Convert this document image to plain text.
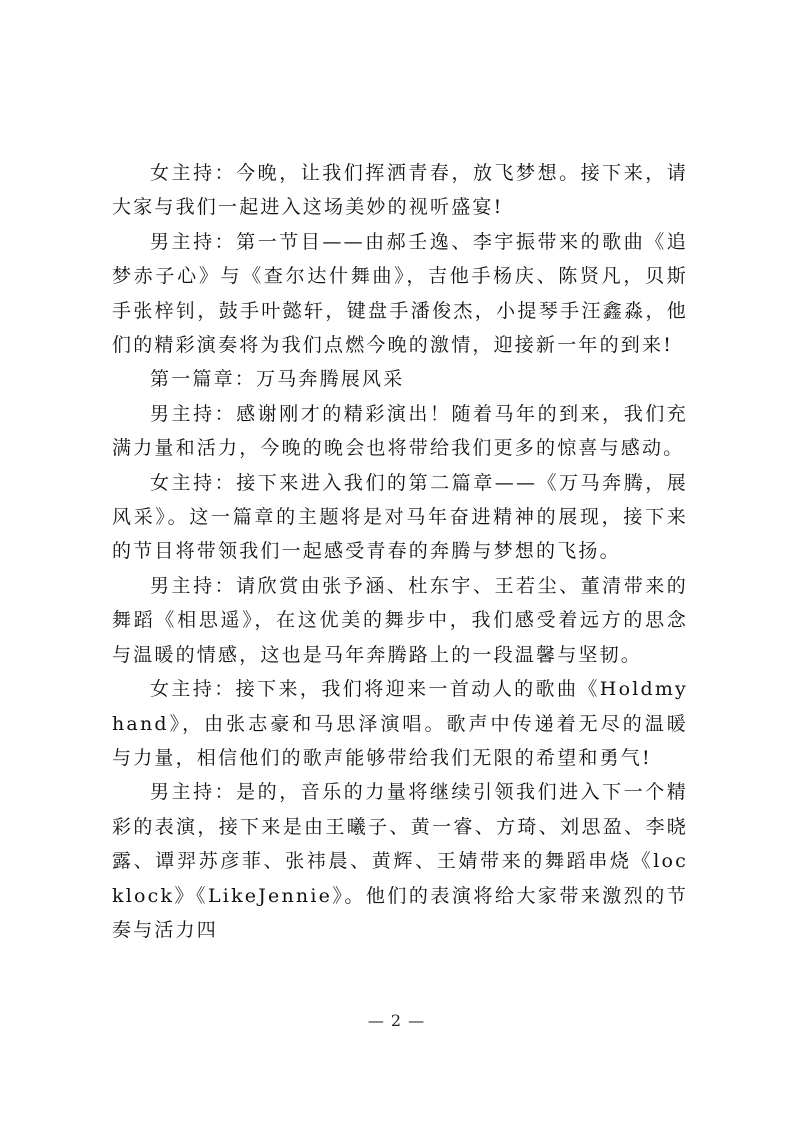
女主持：今晚，让我们挥洒青春，放飞梦想。接下来，请大家与我们一起进入这场美妙的视听盛宴!

男主持：第一节目——由郝壬逸、李宇振带来的歌曲《追梦赤子心》与《查尔达什舞曲》，吉他手杨庆、陈贤凡，贝斯手张梓钊，鼓手叶懿轩，键盘手潘俊杰，小提琴手汪鑫淼，他们的精彩演奏将为我们点燃今晚的激情，迎接新一年的到来!

第一篇章：万马奔腾展风采

男主持：感谢刚才的精彩演出！随着马年的到来，我们充满力量和活力，今晚的晚会也将带给我们更多的惊喜与感动。

女主持：接下来进入我们的第二篇章——《万马奔腾，展风采》。这一篇章的主题将是对马年奋进精神的展现，接下来的节目将带领我们一起感受青春的奔腾与梦想的飞扬。

男主持：请欣赏由张予涵、杜东宇、王若尘、董清带来的舞蹈《相思遥》，在这优美的舞步中，我们感受着远方的思念与温暖的情感，这也是马年奔腾路上的一段温馨与坚韧。

女主持：接下来，我们将迎来一首动人的歌曲《Holdmyhand》，由张志豪和马思泽演唱。歌声中传递着无尽的温暖与力量，相信他们的歌声能够带给我们无限的希望和勇气!

男主持：是的，音乐的力量将继续引领我们进入下一个精彩的表演，接下来是由王曦子、黄一睿、方琦、刘思盈、李晓露、谭羿苏彦菲、张祎晨、黄辉、王婧带来的舞蹈串烧《locklock》《LikeJennie》。他们的表演将给大家带来激烈的节奏与活力四

— 2 —
